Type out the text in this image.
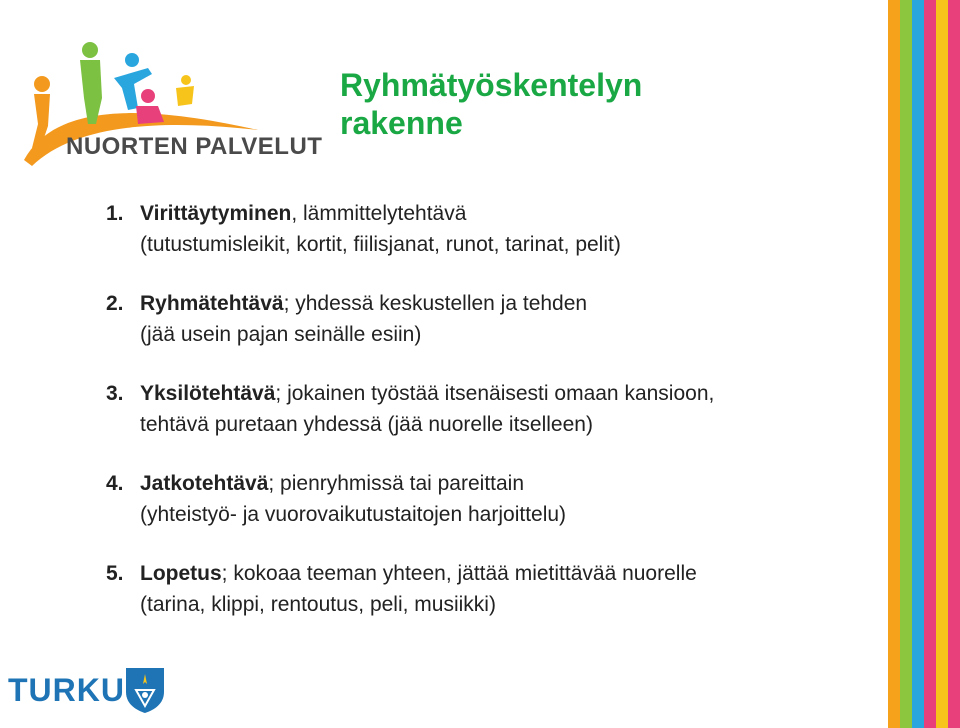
NUORTEN PALVELUT
Ryhmätyöskentelyn rakenne
1. Virittäytyminen, lämmittelytehtävä
(tutustumisleikit, kortit, fiilisjanat, runot, tarinat, pelit)
2. Ryhmätehtävä; yhdessä keskustellen ja tehden
(jää usein pajan seinälle esiin)
3. Yksilötehtävä; jokainen työstää itsenäisesti omaan kansioon,
tehtävä puretaan yhdessä (jää nuorelle itselleen)
4. Jatkotehtävä; pienryhmissä tai pareittain
(yhteistyö- ja vuorovaikutustaitojen harjoittelu)
5. Lopetus; kokoaa teeman yhteen, jättää mietittävää nuorelle
(tarina, klippi, rentoutus, peli, musiikki)
TURKU
